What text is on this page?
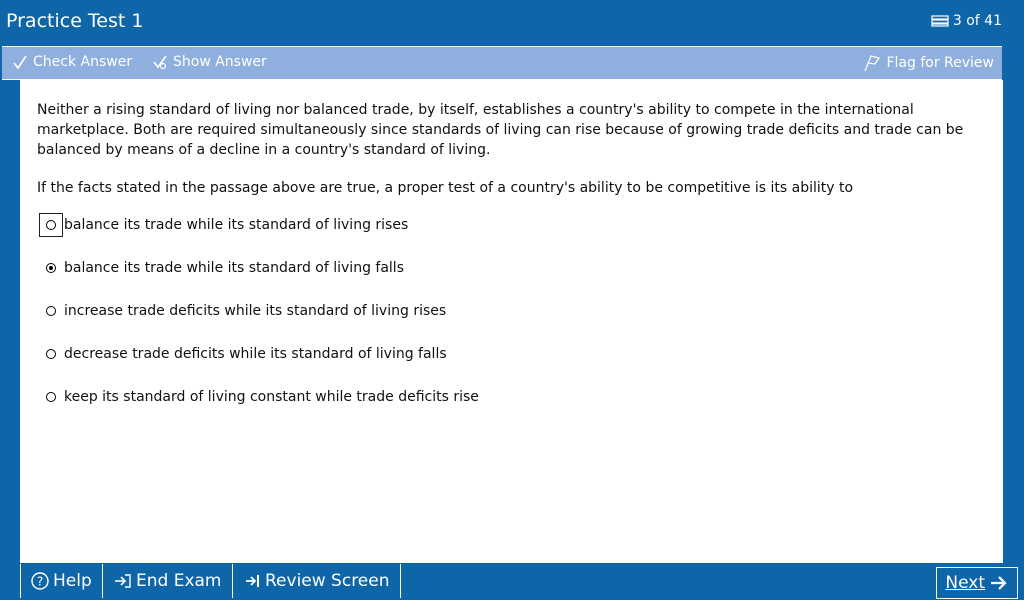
Practice Test 1	3 of 41
Check Answer	Show Answer	Flag for Review
Neither a rising standard of living nor balanced trade, by itself, establishes a country's ability to compete in the international marketplace. Both are required simultaneously since standards of living can rise because of growing trade deficits and trade can be balanced by means of a decline in a country's standard of living.
If the facts stated in the passage above are true, a proper test of a country's ability to be competitive is its ability to
balance its trade while its standard of living rises
balance its trade while its standard of living falls
increase trade deficits while its standard of living rises
decrease trade deficits while its standard of living falls
keep its standard of living constant while trade deficits rise
? Help	End Exam	Review Screen	Next
